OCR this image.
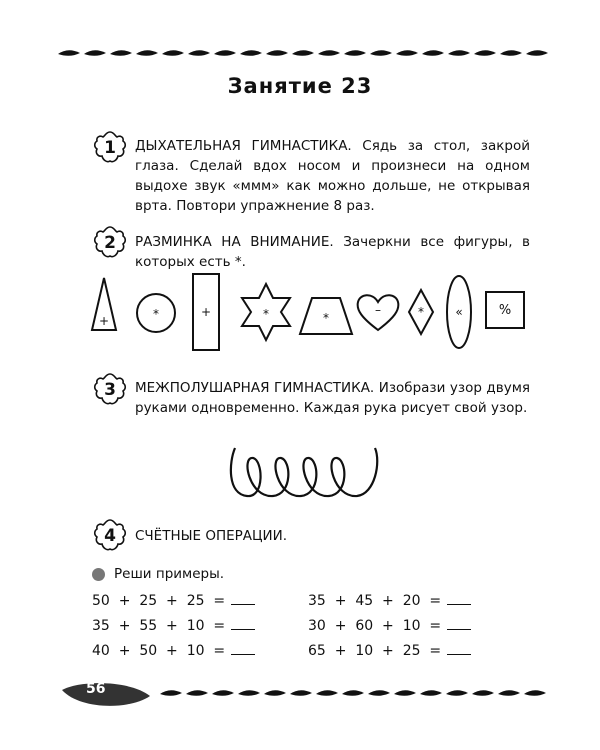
Занятие 23
1	ДЫХАТЕЛЬНАЯ ГИМНАСТИКА. Сядь за стол, закрой глаза. Сделай вдох носом и произнеси на одном выдохе звук «ммм» как можно дольше, не открывая врта. Повтори упражнение 8 раз.
2	РАЗМИНКА НА ВНИМАНИЕ. Зачеркни все фигуры, в которых есть *.
+	*	+	*	*
–	*	«	%
3	МЕЖПОЛУШАРНАЯ ГИМНАСТИКА. Изобрази узор двумя руками одновременно. Каждая рука рисует свой узор.
4	СЧЁТНЫЕ ОПЕРАЦИИ.
Реши примеры.
50  +  25  +  25  =
35  +  55  +  10  =
40  +  50  +  10  =
35  +  45  +  20  =
30  +  60  +  10  =
65  +  10  +  25  =
56
